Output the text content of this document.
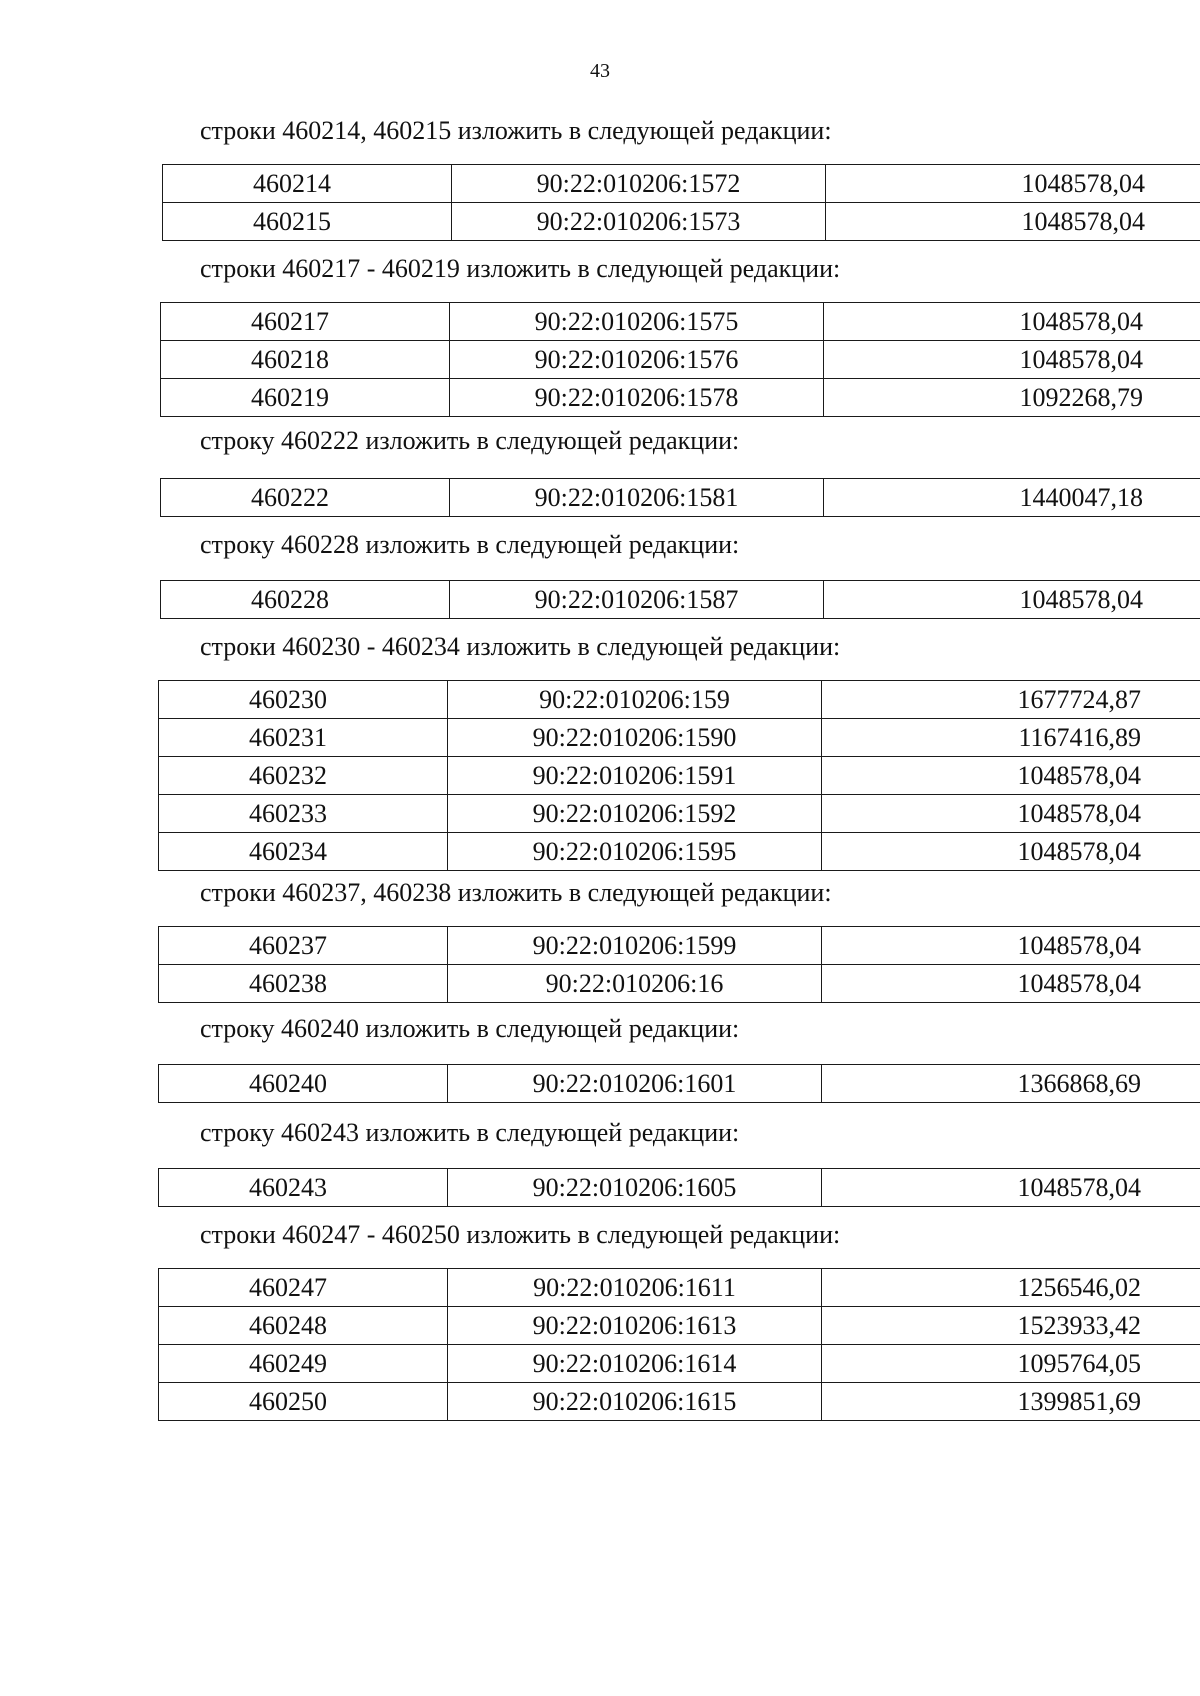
43
строки 460214, 460215 изложить в следующей редакции:
460214	90:22:010206:1572	1048578,04
460215	90:22:010206:1573	1048578,04
строки 460217 - 460219 изложить в следующей редакции:
460217	90:22:010206:1575	1048578,04
460218	90:22:010206:1576	1048578,04
460219	90:22:010206:1578	1092268,79
строку 460222 изложить в следующей редакции:
460222	90:22:010206:1581	1440047,18
строку 460228 изложить в следующей редакции:
460228	90:22:010206:1587	1048578,04
строки 460230 - 460234 изложить в следующей редакции:
460230	90:22:010206:159	1677724,87
460231	90:22:010206:1590	1167416,89
460232	90:22:010206:1591	1048578,04
460233	90:22:010206:1592	1048578,04
460234	90:22:010206:1595	1048578,04
строки 460237, 460238 изложить в следующей редакции:
460237	90:22:010206:1599	1048578,04
460238	90:22:010206:16	1048578,04
строку 460240 изложить в следующей редакции:
460240	90:22:010206:1601	1366868,69
строку 460243 изложить в следующей редакции:
460243	90:22:010206:1605	1048578,04
строки 460247 - 460250 изложить в следующей редакции:
460247	90:22:010206:1611	1256546,02
460248	90:22:010206:1613	1523933,42
460249	90:22:010206:1614	1095764,05
460250	90:22:010206:1615	1399851,69
